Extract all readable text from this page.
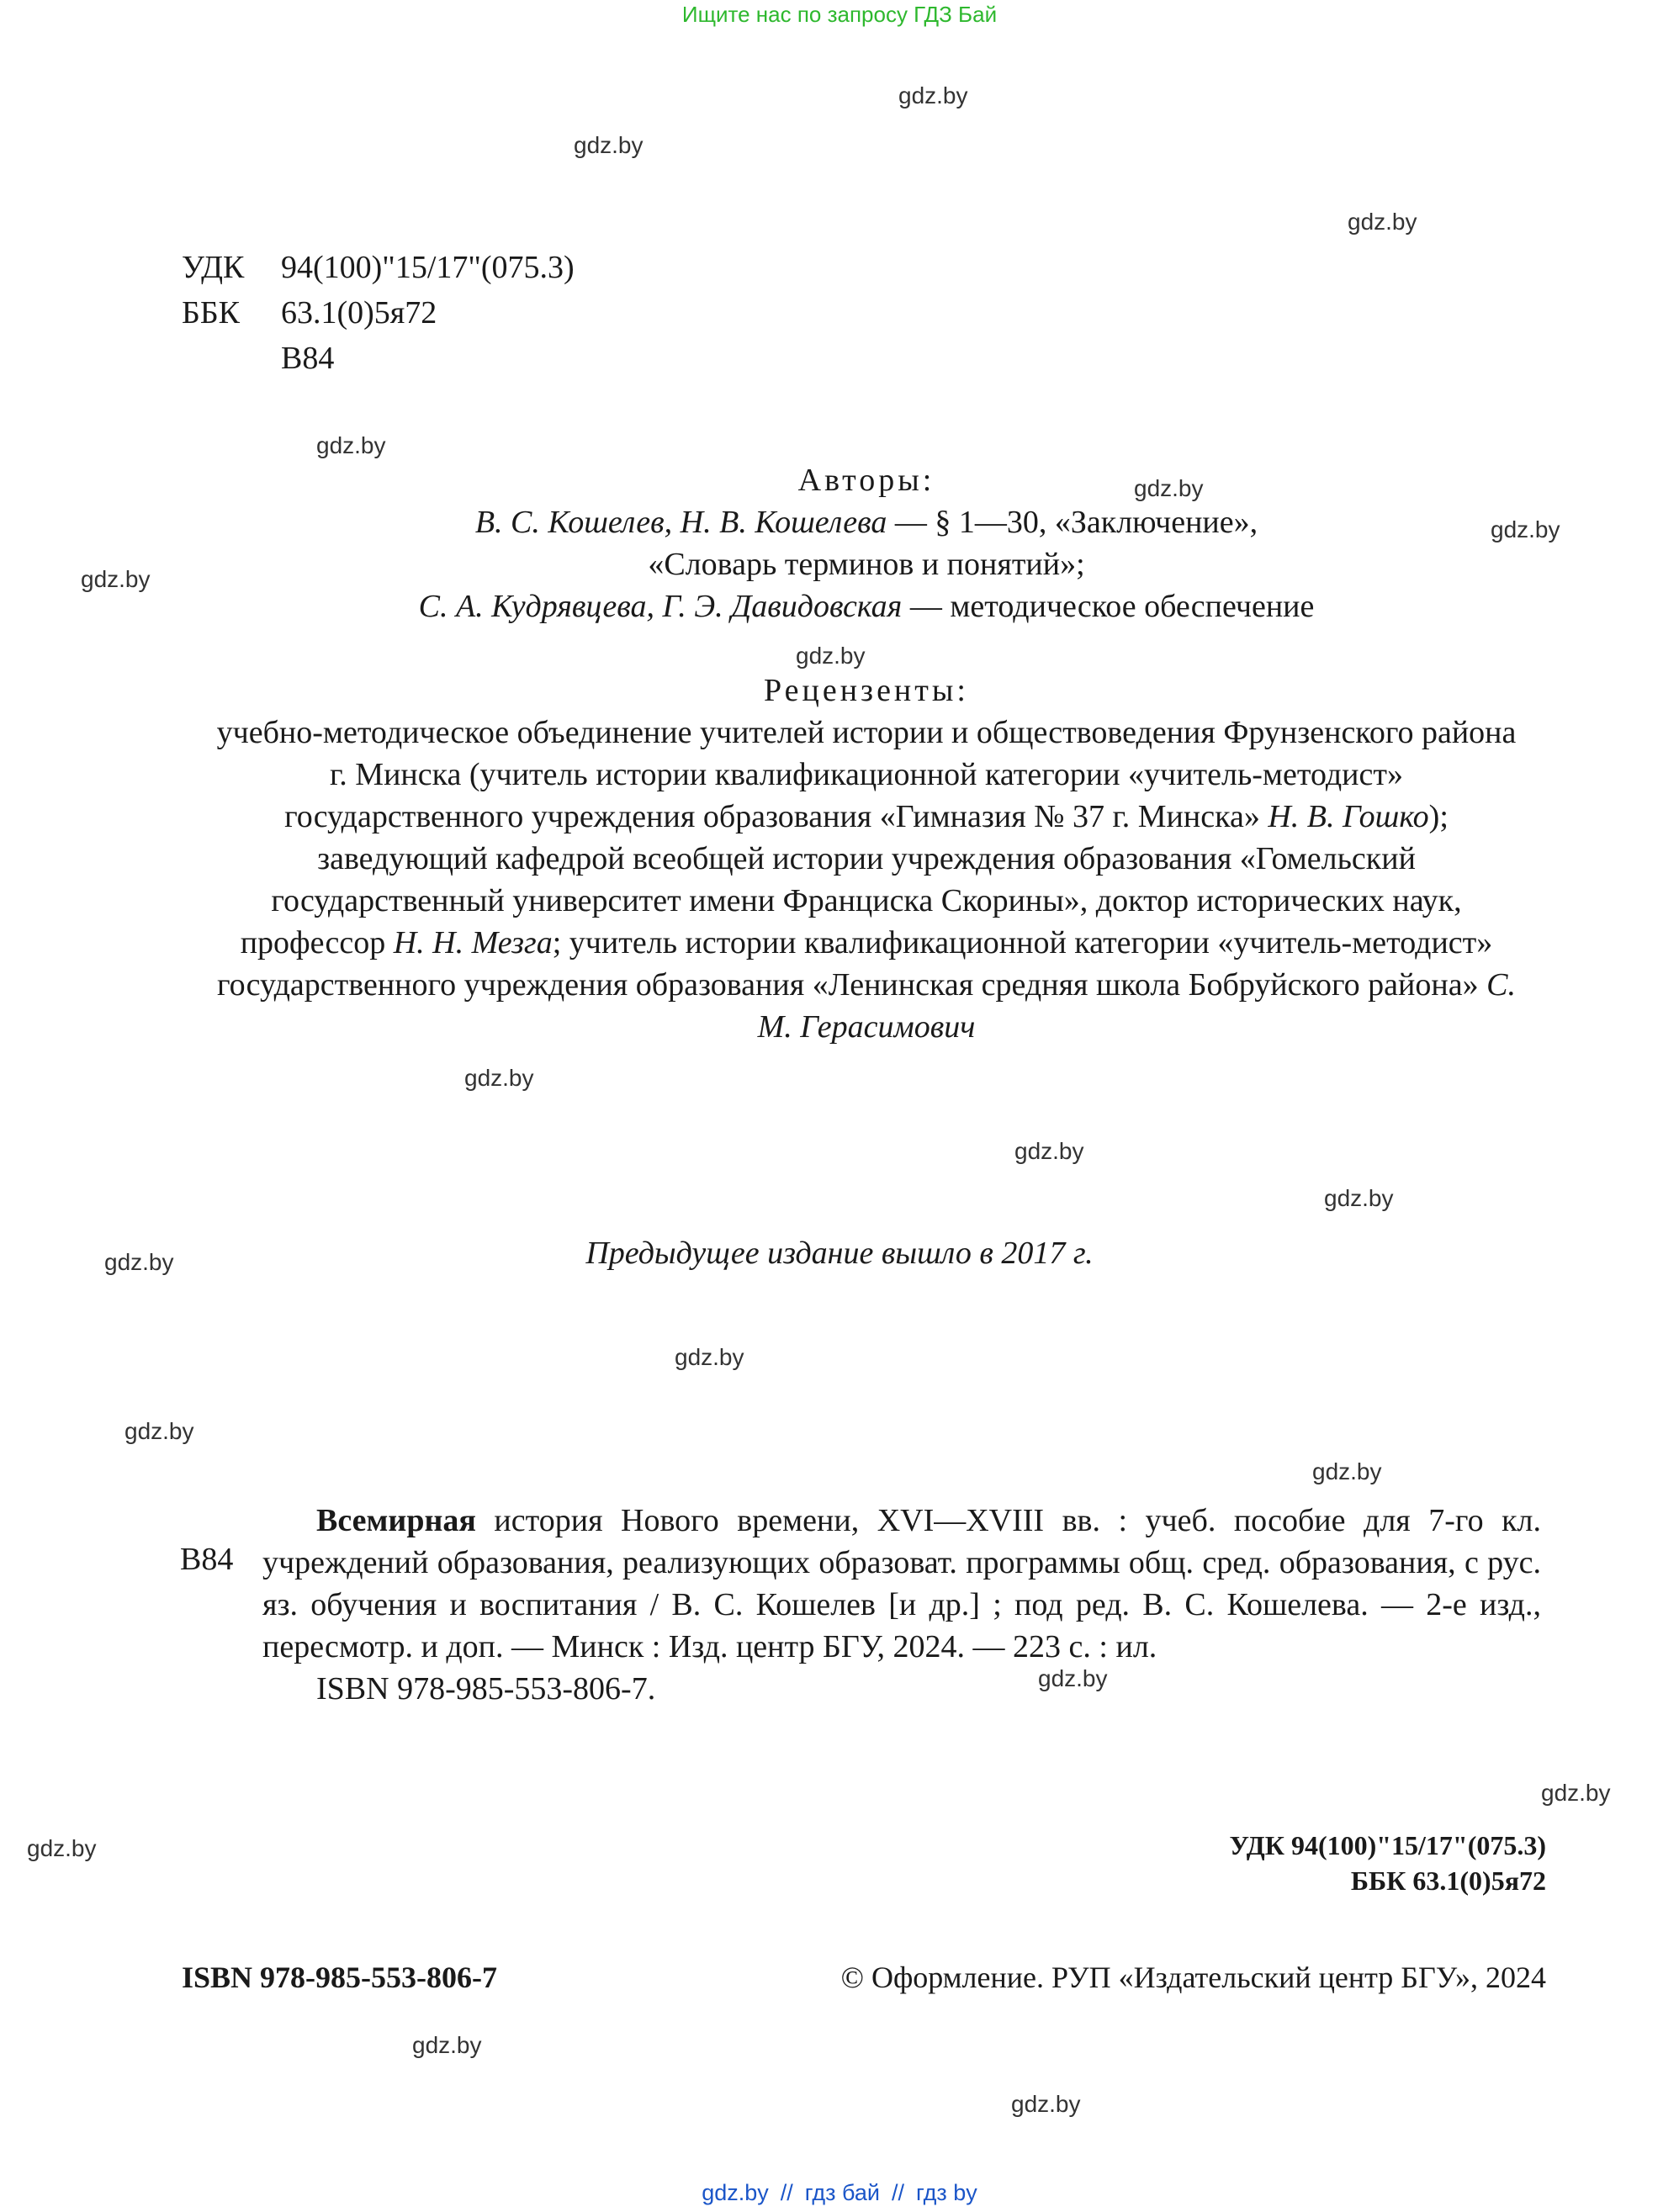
Ищите нас по запросу ГДЗ Бай
gdz.by
gdz.by
gdz.by
gdz.by
gdz.by
gdz.by
gdz.by
gdz.by
gdz.by
gdz.by
gdz.by
gdz.by
gdz.by
gdz.by
gdz.by
gdz.by
gdz.by
gdz.by
gdz.by
gdz.by
УДК 94(100)"15/17"(075.3)
ББК 63.1(0)5я72
В84
Авторы:
В. С. Кошелев, Н. В. Кошелева — § 1—30, «Заключение»,
«Словарь терминов и понятий»;
С. А. Кудрявцева, Г. Э. Давидовская — методическое обеспечение
Рецензенты:
учебно-методическое объединение учителей истории и обществоведения Фрунзенского района г. Минска (учитель истории квалификационной категории «учитель-методист» государственного учреждения образования «Гимназия № 37 г. Минска» Н. В. Гошко); заведующий кафедрой всеобщей истории учреждения образования «Гомельский государственный университет имени Франциска Скорины», доктор исторических наук, профессор Н. Н. Мезга; учитель истории квалификационной категории «учитель-методист» государственного учреждения образования «Ленинская средняя школа Бобруйского района» С. М. Герасимович
Предыдущее издание вышло в 2017 г.
В84

Всемирная история Нового времени, XVI—XVIII вв. : учеб. пособие для 7-го кл. учреждений образования, реализующих образоват. программы общ. сред. образования, с рус. яз. обучения и воспитания / В. С. Кошелев [и др.] ; под ред. В. С. Кошелева. — 2-е изд., пересмотр. и доп. — Минск : Изд. центр БГУ, 2024. — 223 с. : ил.

ISBN 978-985-553-806-7.

УДК 94(100)"15/17"(075.3)
ББК 63.1(0)5я72
ISBN 978-985-553-806-7	© Оформление. РУП «Издательский центр БГУ», 2024
gdz.by // гдз бай // гдз by
